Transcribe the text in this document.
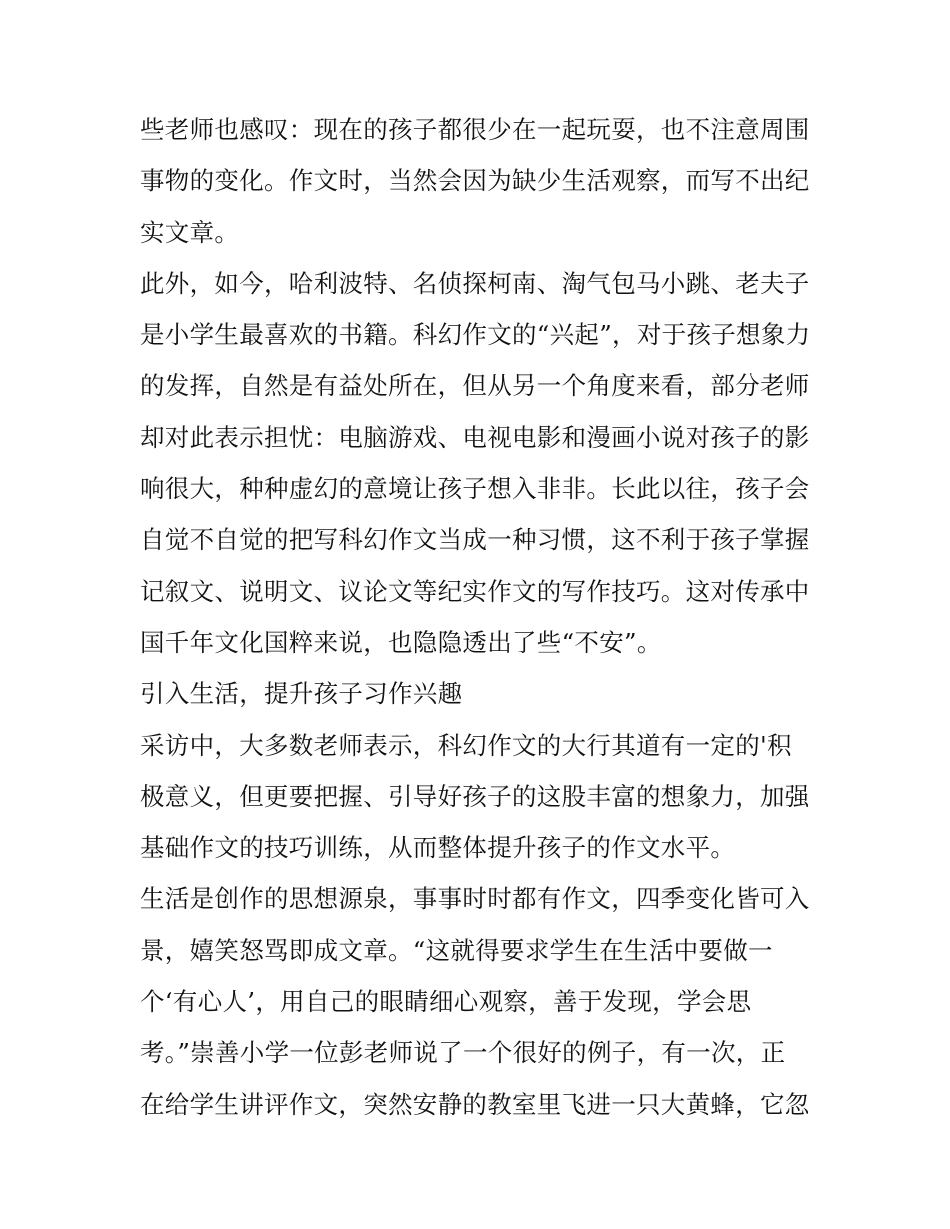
些老师也感叹：现在的孩子都很少在一起玩耍，也不注意周围
事物的变化。作文时，当然会因为缺少生活观察，而写不出纪
实文章。
此外，如今，哈利波特、名侦探柯南、淘气包马小跳、老夫子
是小学生最喜欢的书籍。科幻作文的“兴起”，对于孩子想象力
的发挥，自然是有益处所在，但从另一个角度来看，部分老师
却对此表示担忧：电脑游戏、电视电影和漫画小说对孩子的影
响很大，种种虚幻的意境让孩子想入非非。长此以往，孩子会
自觉不自觉的把写科幻作文当成一种习惯，这不利于孩子掌握
记叙文、说明文、议论文等纪实作文的写作技巧。这对传承中
国千年文化国粹来说，也隐隐透出了些“不安”。
引入生活，提升孩子习作兴趣
采访中，大多数老师表示，科幻作文的大行其道有一定的'积
极意义，但更要把握、引导好孩子的这股丰富的想象力，加强
基础作文的技巧训练，从而整体提升孩子的作文水平。
生活是创作的思想源泉，事事时时都有作文，四季变化皆可入
景，嬉笑怒骂即成文章。“这就得要求学生在生活中要做一
个‘有心人’，用自己的眼睛细心观察，善于发现，学会思
考。”崇善小学一位彭老师说了一个很好的例子，有一次，正
在给学生讲评作文，突然安静的教室里飞进一只大黄蜂，它忽
